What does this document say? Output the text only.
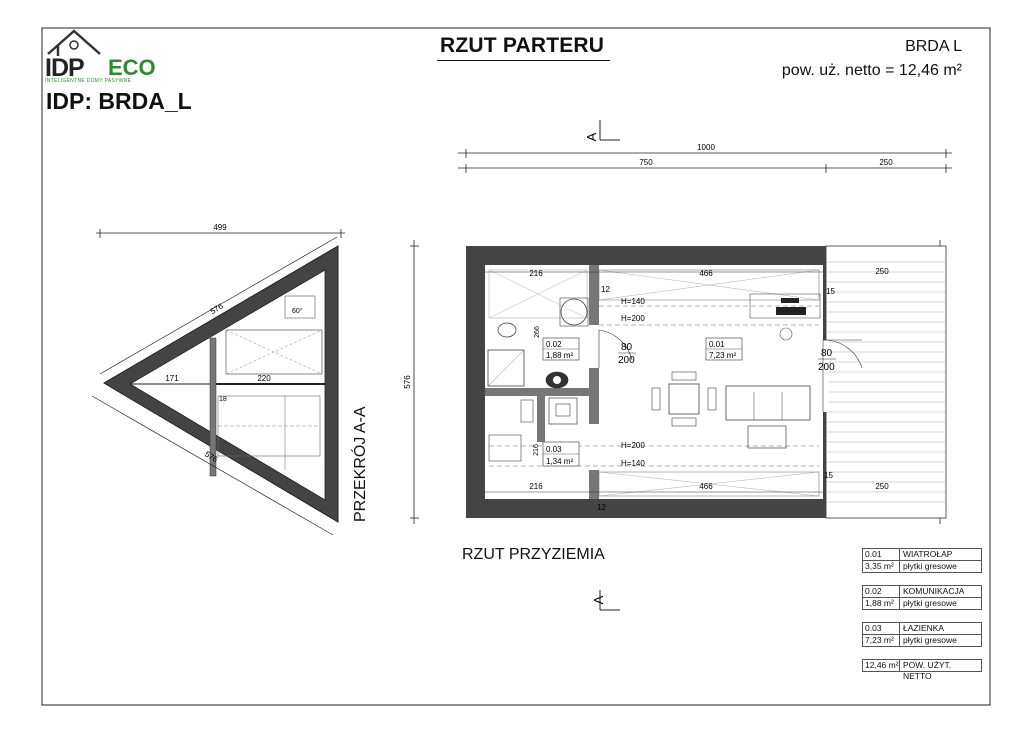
499
60°
171	220
18
576
576
A
A
1000
750	250
576
216	466	250
12	15
216	466	250
12
15
266
216
H=140
H=200
H=200
H=140
80
200
80
200
0.02
1,88 m²
0.01
7,23 m²
0.03
1,34 m²
IDP ECO
INTELIGENTNE DOMY PASYWNE
IDP: BRDA_L
RZUT PARTERU	BRDA L
pow. uż. netto = 12,46 m²
RZUT PRZYZIEMIA
PRZEKRÓJ A-A
0.01	WIATROŁAP
3,35 m²	płytki gresowe
0.02	KOMUNIKACJA
1,88 m²	płytki gresowe
0.03	ŁAZIENKA
7,23 m²	płytki gresowe
12,46 m² POW. UŻYT. NETTO
